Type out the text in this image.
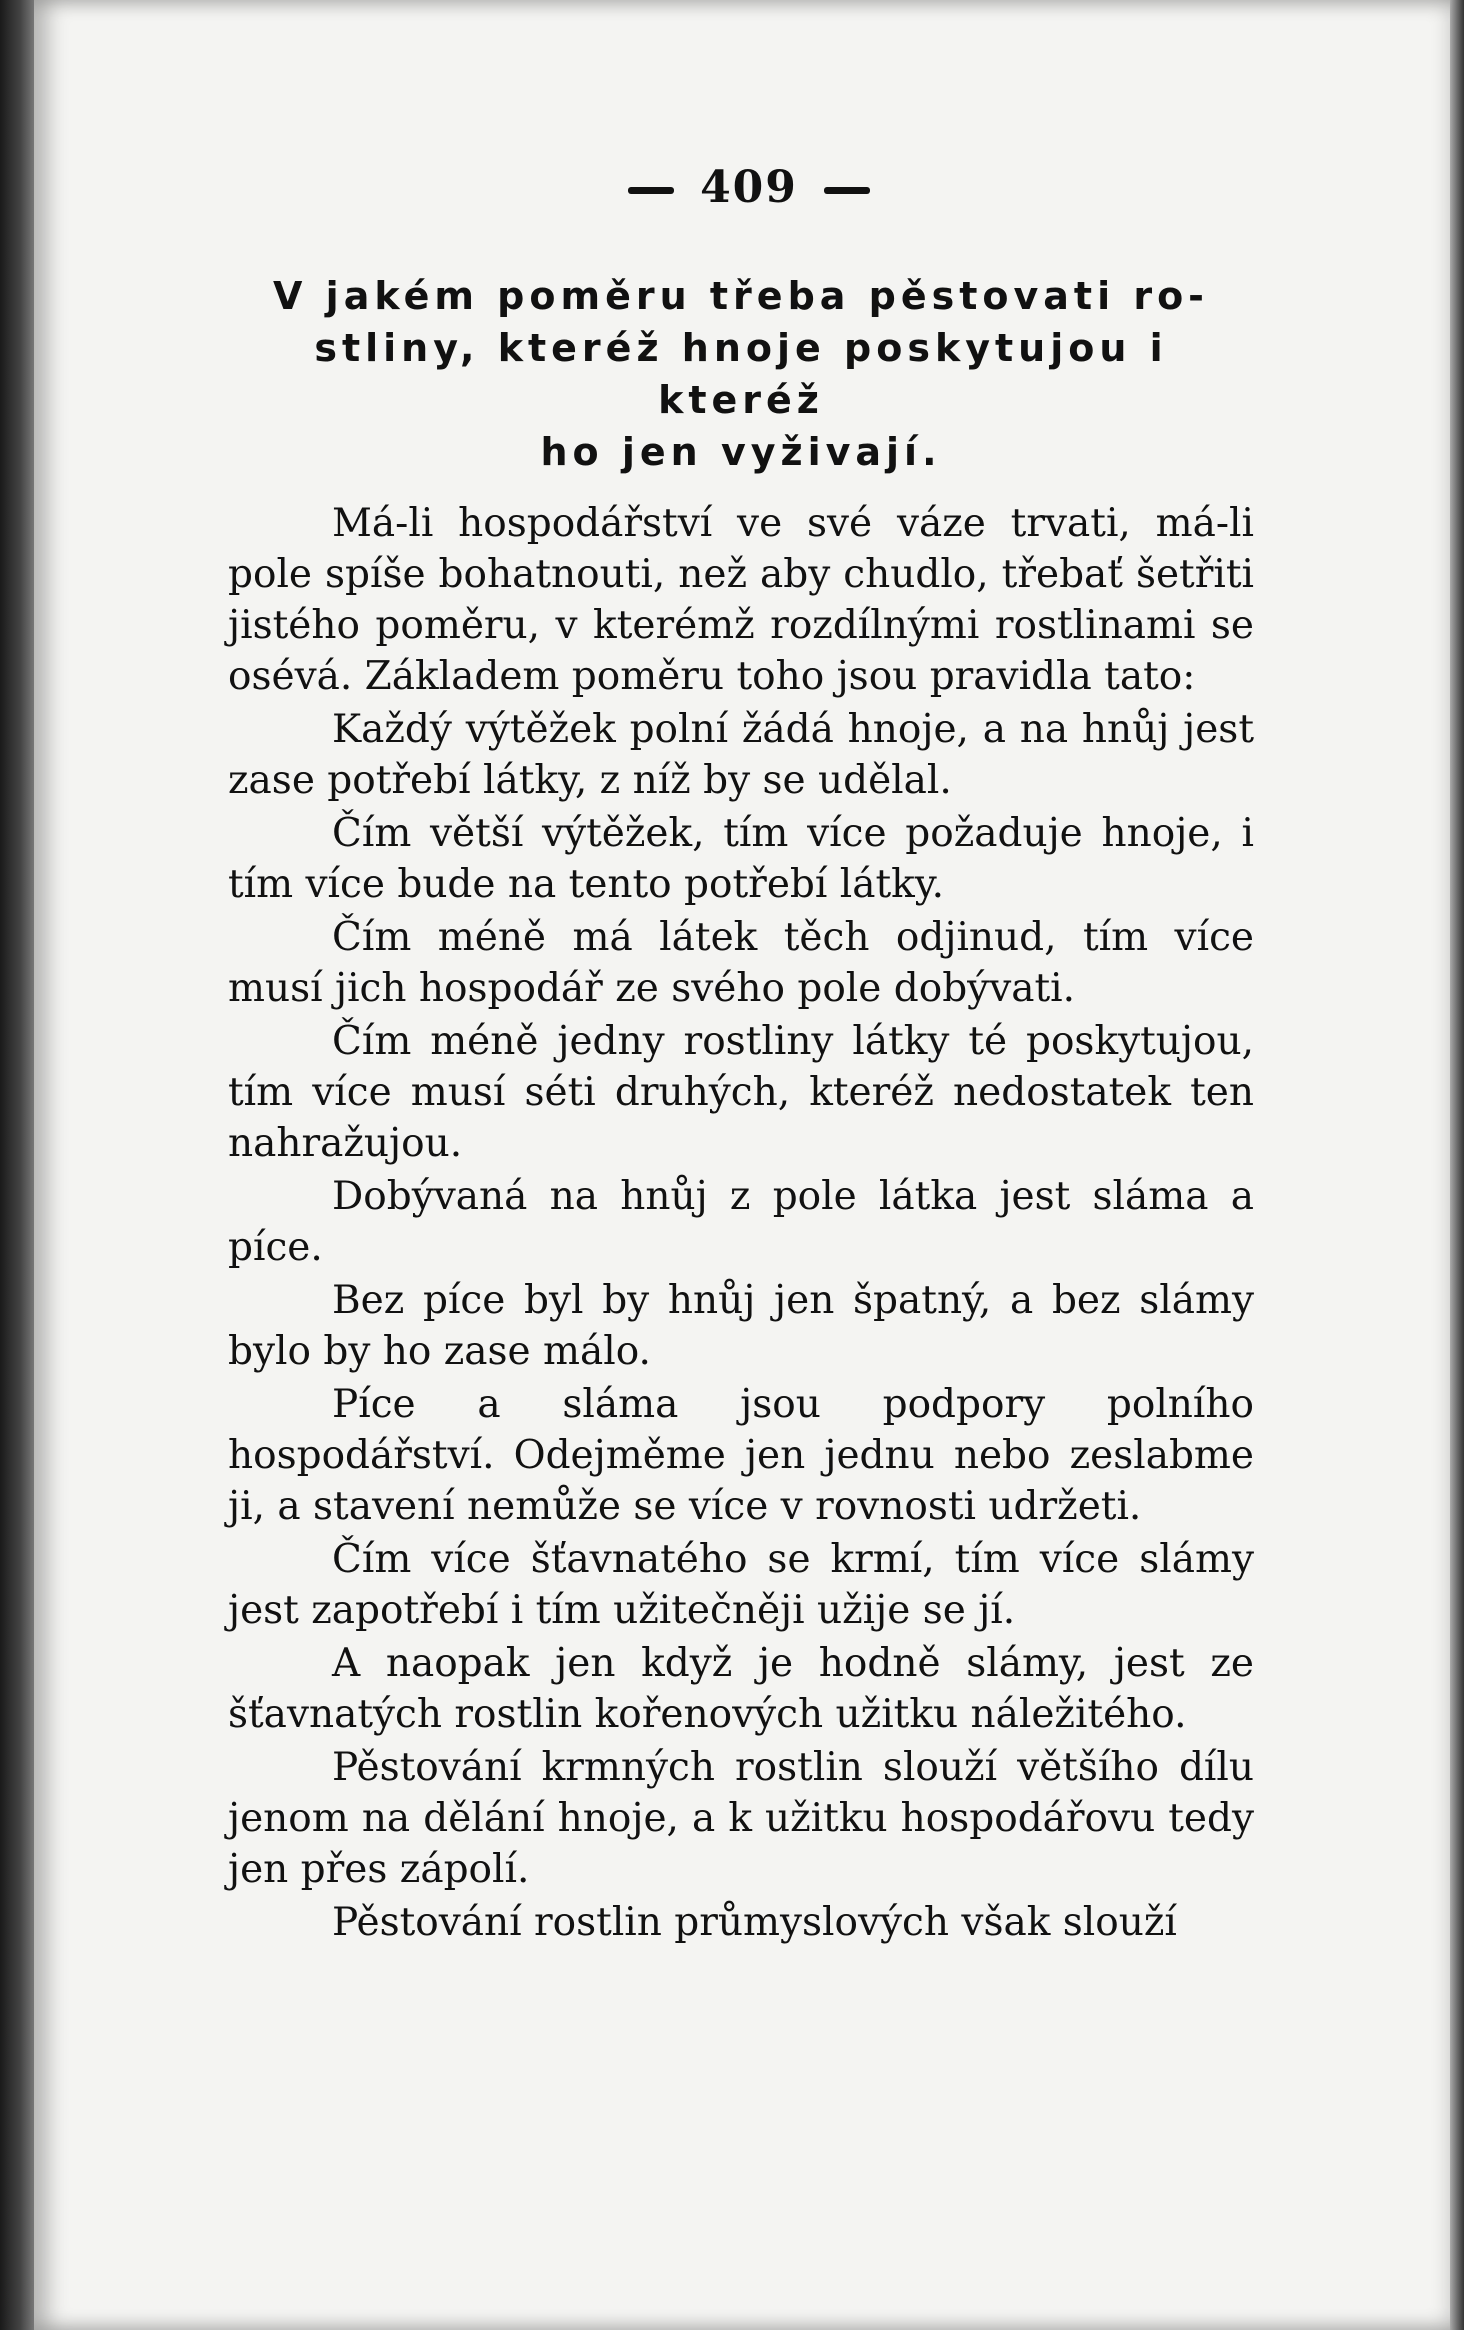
409
V jakém poměru třeba pěstovati ro-
stliny, kteréž hnoje poskytujou i kteréž
ho jen vyživají.

Má-li hospodářství ve své váze trvati, má-li pole spíše bohatnouti, než aby chudlo, třebať šetřiti jistého poměru, v kterémž rozdílnými rostlinami se osévá. Základem poměru toho jsou pravidla tato:

Každý výtěžek polní žádá hnoje, a na hnůj jest zase potřebí látky, z níž by se udělal.

Čím větší výtěžek, tím více požaduje hnoje, i tím více bude na tento potřebí látky.

Čím méně má látek těch odjinud, tím více musí jich hospodář ze svého pole dobývati.

Čím méně jedny rostliny látky té poskytujou, tím více musí séti druhých, kteréž nedostatek ten nahražujou.

Dobývaná na hnůj z pole látka jest sláma a píce.

Bez píce byl by hnůj jen špatný, a bez slámy bylo by ho zase málo.

Píce a sláma jsou podpory polního hospodářství. Odejměme jen jednu nebo zeslabme ji, a stavení nemůže se více v rovnosti udržeti.

Čím více šťavnatého se krmí, tím více slámy jest zapotřebí i tím užitečněji užije se jí.

A naopak jen když je hodně slámy, jest ze šťavnatých rostlin kořenových užitku náležitého.

Pěstování krmných rostlin slouží většího dílu jenom na dělání hnoje, a k užitku hospodářovu tedy jen přes zápolí.

Pěstování rostlin průmyslových však slouží
